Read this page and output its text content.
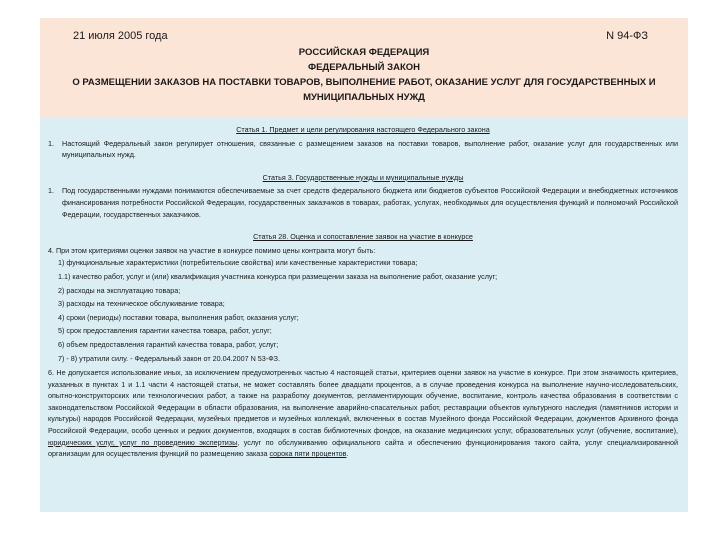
21 июля 2005 года	N 94-ФЗ
РОССИЙСКАЯ ФЕДЕРАЦИЯ
ФЕДЕРАЛЬНЫЙ ЗАКОН
О РАЗМЕЩЕНИИ ЗАКАЗОВ НА ПОСТАВКИ ТОВАРОВ, ВЫПОЛНЕНИЕ РАБОТ, ОКАЗАНИЕ УСЛУГ ДЛЯ ГОСУДАРСТВЕННЫХ И МУНИЦИПАЛЬНЫХ НУЖД
Статья 1. Предмет и цели регулирования настоящего Федерального закона
1.	Настоящий Федеральный закон регулирует отношения, связанные с размещением заказов на поставки товаров, выполнение работ, оказание услуг для государственных или муниципальных нужд.
Статья 3. Государственные нужды и муниципальные нужды
1.	Под государственными нуждами понимаются обеспечиваемые за счет средств федерального бюджета или бюджетов субъектов Российской Федерации и внебюджетных источников финансирования потребности Российской Федерации, государственных заказчиков в товарах, работах, услугах, необходимых для осуществления функций и полномочий Российской Федерации, государственных заказчиков.
Статья 28. Оценка и сопоставление заявок на участие в конкурсе
4. При этом критериями оценки заявок на участие в конкурсе помимо цены контракта могут быть:
1) функциональные характеристики (потребительские свойства) или качественные характеристики товара;
1.1) качество работ, услуг и (или) квалификация участника конкурса при размещении заказа на выполнение работ, оказание услуг;
2) расходы на эксплуатацию товара;
3) расходы на техническое обслуживание товара;
4) сроки (периоды) поставки товара, выполнения работ, оказания услуг;
5) срок предоставления гарантии качества товара, работ, услуг;
6) объем предоставления гарантий качества товара, работ, услуг;
7) - 8) утратили силу. - Федеральный закон от 20.04.2007 N 53-ФЗ.
6. Не допускается использование иных, за исключением предусмотренных частью 4 настоящей статьи, критериев оценки заявок на участие в конкурсе. При этом значимость критериев, указанных в пунктах 1 и 1.1 части 4 настоящей статьи, не может составлять более двадцати процентов, а в случае проведения конкурса на выполнение научно-исследовательских, опытно-конструкторских или технологических работ, а также на разработку документов, регламентирующих обучение, воспитание, контроль качества образования в соответствии с законодательством Российской Федерации в области образования, на выполнение аварийно-спасательных работ, реставрации объектов культурного наследия (памятников истории и культуры) народов Российской Федерации, музейных предметов и музейных коллекций, включенных в состав Музейного фонда Российской Федерации, документов Архивного фонда Российской Федерации, особо ценных и редких документов, входящих в состав библиотечных фондов, на оказание медицинских услуг, образовательных услуг (обучение, воспитание), юридических услуг, услуг по проведению экспертизы, услуг по обслуживанию официального сайта и обеспечению функционирования такого сайта, услуг специализированной организации для осуществления функций по размещению заказа сорока пяти процентов.
